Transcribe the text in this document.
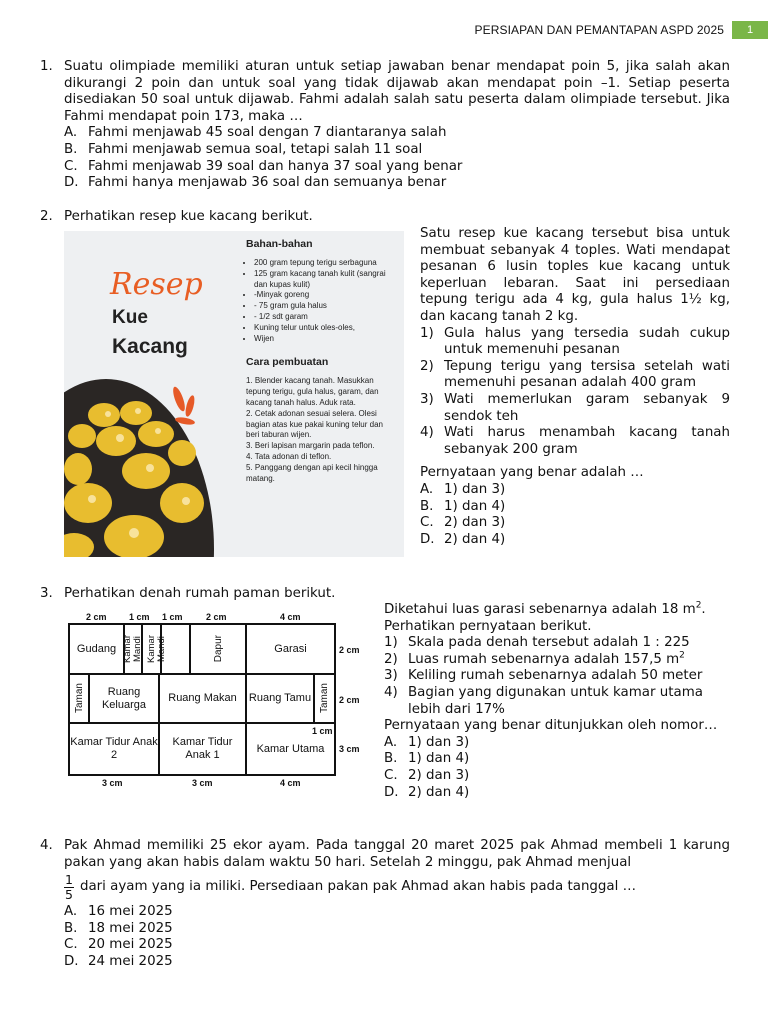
PERSIAPAN DAN PEMANTAPAN ASPD 2025	1
1. Suatu olimpiade memiliki aturan untuk setiap jawaban benar mendapat poin 5, jika salah akan dikurangi 2 poin dan untuk soal yang tidak dijawab akan mendapat poin –1. Setiap peserta disediakan 50 soal untuk dijawab. Fahmi adalah salah satu peserta dalam olimpiade tersebut. Jika Fahmi mendapat poin 173, maka …
A. Fahmi menjawab 45 soal dengan 7 diantaranya salah
B. Fahmi menjawab semua soal, tetapi salah 11 soal
C. Fahmi menjawab 39 soal dan hanya 37 soal yang benar
D. Fahmi hanya menjawab 36 soal dan semuanya benar
2. Perhatikan resep kue kacang berikut.
Resep
Kue
Kacang
Bahan-bahan
• 200 gram tepung terigu serbaguna
• 125 gram kacang tanah kulit (sangrai dan kupas kulit)
• -Minyak goreng
• - 75 gram gula halus
• - 1/2 sdt garam
• Kuning telur untuk oles-oles,
• Wijen
Cara pembuatan
1. Blender kacang tanah. Masukkan tepung terigu, gula halus, garam, dan kacang tanah halus. Aduk rata.
2. Cetak adonan sesuai selera. Olesi bagian atas kue pakai kuning telur dan beri taburan wijen.
3. Beri lapisan margarin pada teflon.
4. Tata adonan di teflon.
5. Panggang dengan api kecil hingga matang.
Satu resep kue kacang tersebut bisa untuk membuat sebanyak 4 toples. Wati mendapat pesanan 6 lusin toples kue kacang untuk keperluan lebaran. Saat ini persediaan tepung terigu ada 4 kg, gula halus 1½ kg, dan kacang tanah 2 kg.
1) Gula halus yang tersedia sudah cukup untuk memenuhi pesanan
2) Tepung terigu yang tersisa setelah wati memenuhi pesanan adalah 400 gram
3) Wati memerlukan garam sebanyak 9 sendok teh
4) Wati harus menambah kacang tanah sebanyak 200 gram
Pernyataan yang benar adalah …
A. 1) dan 3)
B. 1) dan 4)
C. 2) dan 3)
D. 2) dan 4)
3. Perhatikan denah rumah paman berikut.
2 cm 1 cm 1 cm	2 cm	4 cm
Gudang Kamar Mandi Kamar	Dapur	Garasi
Taman	Ruang Keluarga
Ruang Makan	Ruang Tamu Taman
Kamar Tidur Anak 2
Kamar Tidur Anak 1
Kamar Utama
2 cm
2 cm
1 cm
3 cm
3 cm	3 cm	4 cm
Diketahui luas garasi sebenarnya adalah 18 $m^2$.
Perhatikan pernyataan berikut.
1) Skala pada denah tersebut adalah 1 : 225
2) Luas rumah sebenarnya adalah 157,5 $m^2$
3) Keliling rumah sebenarnya adalah 50 meter
4) Bagian yang digunakan untuk kamar utama lebih dari 17%
Pernyataan yang benar ditunjukkan oleh nomor…
A. 1) dan 3)
B. 1) dan 4)
C. 2) dan 3)
D. 2) dan 4)
4. Pak Ahmad memiliki 25 ekor ayam. Pada tanggal 20 maret 2025 pak Ahmad membeli 1 karung pakan yang akan habis dalam waktu 50 hari. Setelah 2 minggu, pak Ahmad menjual
1
5
dari ayam yang ia miliki. Persediaan pakan pak Ahmad akan habis pada tanggal …
A. 16 mei 2025
B. 18 mei 2025
C. 20 mei 2025
D. 24 mei 2025
